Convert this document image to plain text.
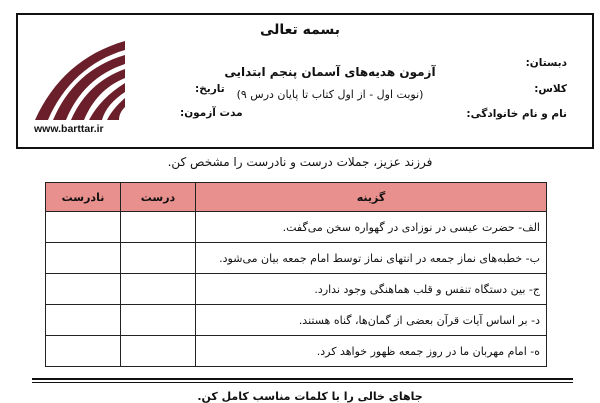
بسمه تعالی
دبستان:
کلاس:
نام و نام خانوادگی:
تاریخ:
مدت آزمون:
آزمون هدیه‌های آسمان پنجم ابتدایی
(نوبت اول - از اول کتاب تا پایان درس ۹)
www.barttar.ir
فرزند عزیز، جملات درست و نادرست را مشخص کن.
گزینه	درست	نادرست
الف- حضرت عیسی در نوزادی در گهواره سخن می‌گفت.		
ب- خطبه‌های نماز جمعه در انتهای نماز توسط امام جمعه بیان می‌شود.		
ج- بین دستگاه تنفس و قلب هماهنگی وجود ندارد.		
د- بر اساس آیات قرآن بعضی از گمان‌ها، گناه هستند.		
ه- امام مهربان ما در روز جمعه ظهور خواهد کرد.		
جاهای خالی را با کلمات مناسب کامل کن.
